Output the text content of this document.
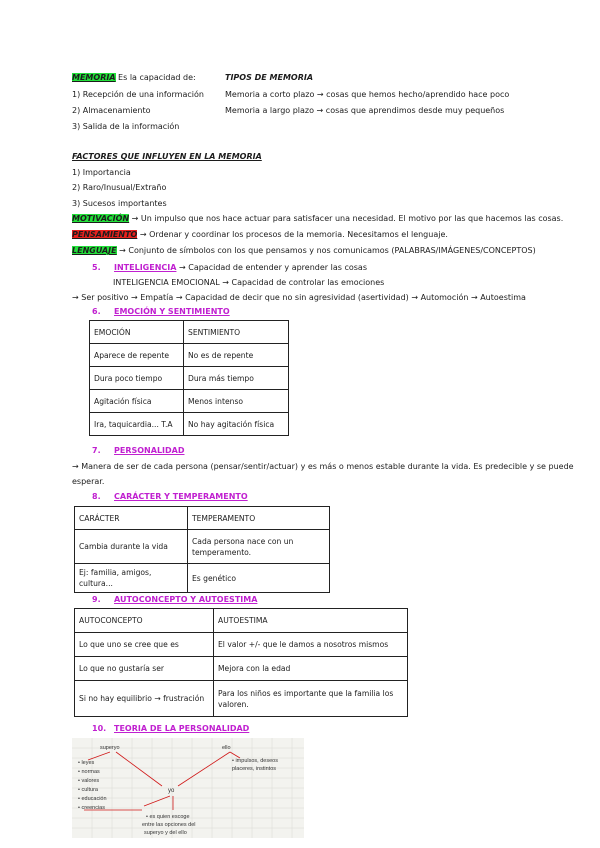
MEMORIA Es la capacidad de:
1) Recepción de una información
2) Almacenamiento
3) Salida de la información
TIPOS DE MEMORIA
Memoria a corto plazo → cosas que hemos hecho/aprendido hace poco
Memoria a largo plazo → cosas que aprendimos desde muy pequeños
FACTORES QUE INFLUYEN EN LA MEMORIA
1) Importancia
2) Raro/Inusual/Extraño
3) Sucesos importantes
MOTIVACIÓN → Un impulso que nos hace actuar para satisfacer una necesidad. El motivo por las que hacemos las cosas.
PENSAMIENTO → Ordenar y coordinar los procesos de la memoria. Necesitamos el lenguaje.
LENGUAJE → Conjunto de símbolos con los que pensamos y nos comunicamos (PALABRAS/IMÁGENES/CONCEPTOS)
5. INTELIGENCIA → Capacidad de entender y aprender las cosas
INTELIGENCIA EMOCIONAL → Capacidad de controlar las emociones
→ Ser positivo → Empatía → Capacidad de decir que no sin agresividad (asertividad) → Automoción → Autoestima
6. EMOCIÓN Y SENTIMIENTO
EMOCIÓN	SENTIMIENTO
Aparece de repente	No es de repente
Dura poco tiempo	Dura más tiempo
Agitación física	Menos intenso
Ira, taquicardia... T.A	No hay agitación física
7. PERSONALIDAD
→ Manera de ser de cada persona (pensar/sentir/actuar) y es más o menos estable durante la vida. Es predecible y se puede
esperar.
8. CARÁCTER Y TEMPERAMENTO
CARÁCTER	TEMPERAMENTO
Cambia durante la vida	Cada persona nace con un temperamento.
Ej: familia, amigos, cultura...	Es genético
9. AUTOCONCEPTO Y AUTOESTIMA
AUTOCONCEPTO	AUTOESTIMA
Lo que uno se cree que es	El valor +/- que le damos a nosotros mismos
Lo que no gustaría ser	Mejora con la edad
Si no hay equilibrio → frustración	Para los niños es importante que la familia los valoren.
10. TEORIA DE LA PERSONALIDAD
superyo	ello
yo
• leyes
• normas
• valores
• cultura
• educación
• creencias
• impulsos, deseos
placeres, instintos
• es quien escoge
entre las opciones del
superyo y del ello
